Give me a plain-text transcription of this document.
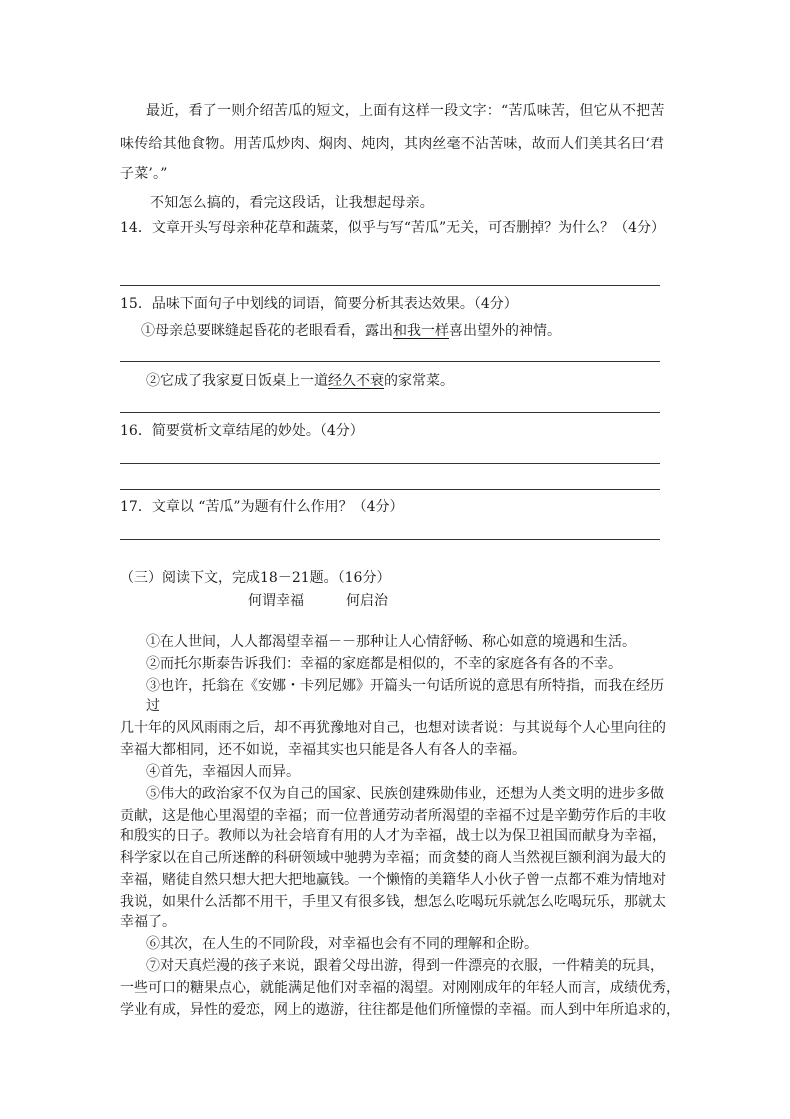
最近，看了一则介绍苦瓜的短文，上面有这样一段文字：“苦瓜味苦，但它从不把苦
味传给其他食物。用苦瓜炒肉、焖肉、炖肉，其肉丝毫不沾苦味，故而人们美其名曰‘君
子菜’。”
不知怎么搞的，看完这段话，让我想起母亲。
14．文章开头写母亲种花草和蔬菜，似乎与写“苦瓜”无关，可否删掉？为什么？（4分）
15．品味下面句子中划线的词语，简要分析其表达效果。（4分）
①母亲总要眯缝起昏花的老眼看看，露出和我一样喜出望外的神情。
②它成了我家夏日饭桌上一道经久不衰的家常菜。
16．简要赏析文章结尾的妙处。（4分）
17．文章以 “苦瓜”为题有什么作用？（4分）
（三）阅读下文，完成18－21题。（16分）
何谓幸福	何启治
①在人世间，人人都渴望幸福－－那种让人心情舒畅、称心如意的境遇和生活。
②而托尔斯泰告诉我们：幸福的家庭都是相似的，不幸的家庭各有各的不幸。
③也许，托翁在《安娜・卡列尼娜》开篇头一句话所说的意思有所特指，而我在经历
过
几十年的风风雨雨之后，却不再犹豫地对自己，也想对读者说：与其说每个人心里向往的
幸福大都相同，还不如说，幸福其实也只能是各人有各人的幸福。
④首先，幸福因人而异。
⑤伟大的政治家不仅为自己的国家、民族创建殊勋伟业，还想为人类文明的进步多做
贡献，这是他心里渴望的幸福；而一位普通劳动者所渴望的幸福不过是辛勤劳作后的丰收
和殷实的日子。教师以为社会培育有用的人才为幸福，战士以为保卫祖国而献身为幸福，
科学家以在自己所迷醉的科研领域中驰骋为幸福；而贪婪的商人当然视巨额利润为最大的
幸福，赌徒自然只想大把大把地赢钱。一个懒惰的美籍华人小伙子曾一点都不难为情地对
我说，如果什么活都不用干，手里又有很多钱，想怎么吃喝玩乐就怎么吃喝玩乐，那就太
幸福了。
⑥其次，在人生的不同阶段，对幸福也会有不同的理解和企盼。
⑦对天真烂漫的孩子来说，跟着父母出游，得到一件漂亮的衣服，一件精美的玩具，
一些可口的糖果点心，就能满足他们对幸福的渴望。对刚刚成年的年轻人而言，成绩优秀，
学业有成，异性的爱恋，网上的遨游，往往都是他们所憧憬的幸福。而人到中年所追求的，
